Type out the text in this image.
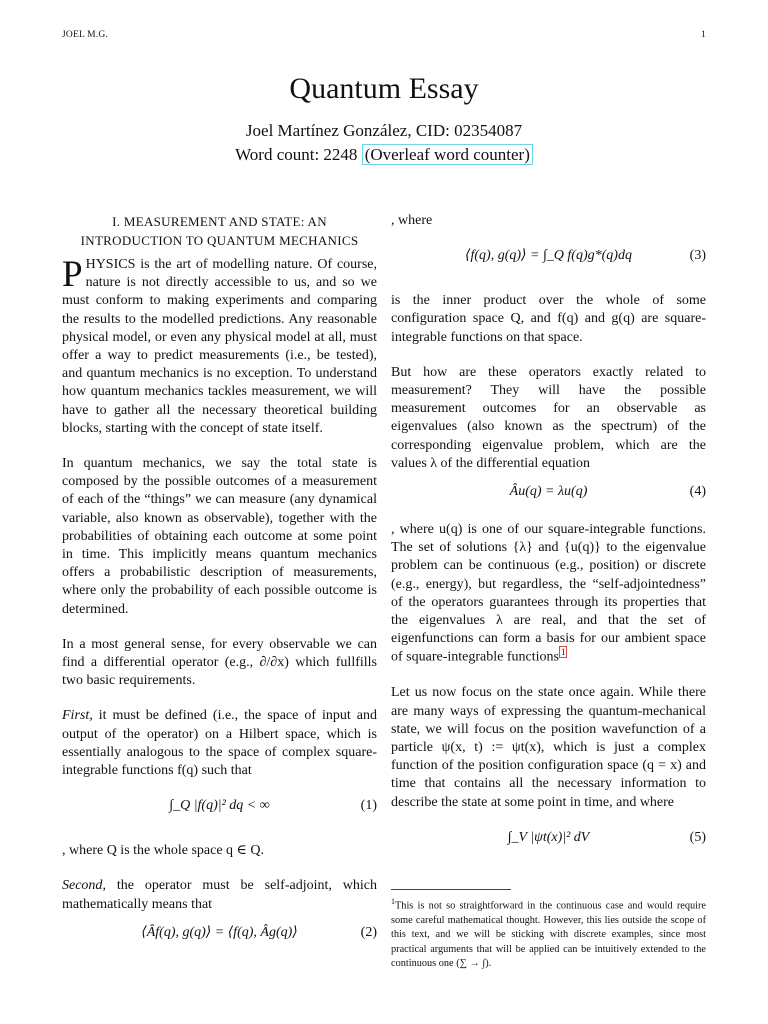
JOEL M.G.	1
Quantum Essay
Joel Martínez González, CID: 02354087
Word count: 2248 (Overleaf word counter)
I. MEASUREMENT AND STATE: AN
INTRODUCTION TO QUANTUM MECHANICS

PHYSICS is the art of modelling nature. Of course, nature is not directly accessible to us, and so we must conform to making experiments and comparing the results to the modelled predictions. Any reasonable physical model, or even any physical model at all, must offer a way to predict measurements (i.e., be tested), and quantum mechanics is no exception. To understand how quantum mechanics tackles measurement, we will have to gather all the necessary theoretical building blocks, starting with the concept of state itself.

In quantum mechanics, we say the total state is composed by the possible outcomes of a measurement of each of the “things” we can measure (any dynamical variable, also known as observable), together with the probabilities of obtaining each outcome at some point in time. This implicitly means quantum mechanics offers a probabilistic description of measurements, where only the probability of each possible outcome is determined.

In a most general sense, for every observable we can find a differential operator (e.g., ∂/∂x) which fullfills two basic requirements.

First, it must be defined (i.e., the space of input and output of the operator) on a Hilbert space, which is essentially analogous to the space of complex square-integrable functions f(q) such that

∫_Q |f(q)|² dq < ∞	(1)

, where Q is the whole space q ∈ Q.

Second, the operator must be self-adjoint, which mathematically means that

⟨Âf(q), g(q)⟩ = ⟨f(q), Âg(q)⟩	(2)

, where

⟨f(q), g(q)⟩ = ∫_Q f(q)g*(q)dq	(3)

is the inner product over the whole of some configuration space Q, and f(q) and g(q) are square-integrable functions on that space.

But how are these operators exactly related to measurement? They will have the possible measurement outcomes for an observable as eigenvalues (also known as the spectrum) of the corresponding eigenvalue problem, which are the values λ of the differential equation

Âu(q) = λu(q)	(4)

, where u(q) is one of our square-integrable functions. The set of solutions {λ} and {u(q)} to the eigenvalue problem can be continuous (e.g., position) or discrete (e.g., energy), but regardless, the “self-adjointedness” of the operators guarantees through its properties that the eigenvalues λ are real, and that the set of eigenfunctions can form a basis for our ambient space of square-integrable functions $^1$

Let us now focus on the state once again. While there are many ways of expressing the quantum-mechanical state, we will focus on the position wavefunction of a particle ψ(x, t) := ψt(x), which is just a complex function of the position configuration space (q = x) and time that contains all the necessary information to describe the state at some point in time, and where

∫_V |ψt(x)|² dV	(5)
$^1$This is not so straightforward in the continuous case and would require some careful mathematical thought. However, this lies outside the scope of this text, and we will be sticking with discrete examples, since most practical arguments that will be applied can be intuitively extended to the continuous one (∑ → ∫).
